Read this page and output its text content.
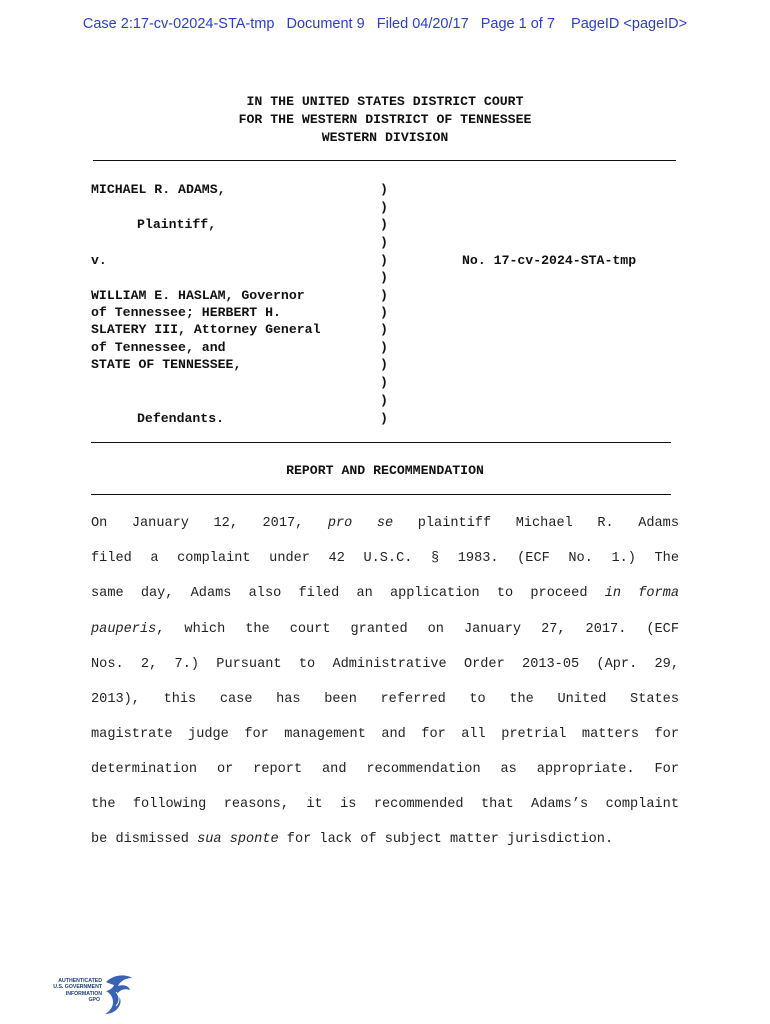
Case 2:17-cv-02024-STA-tmp   Document 9   Filed 04/20/17   Page 1 of 7    PageID <pageID>
IN THE UNITED STATES DISTRICT COURT
FOR THE WESTERN DISTRICT OF TENNESSEE
WESTERN DIVISION
MICHAEL R. ADAMS,
Plaintiff,
v.
WILLIAM E. HASLAM, Governor
of Tennessee; HERBERT H.
SLATERY III, Attorney General
of Tennessee, and
STATE OF TENNESSEE,
Defendants.
)
)
)
)
)
)
)
)
)
)
)
)
)
)
No. 17-cv-2024-STA-tmp
REPORT AND RECOMMENDATION
On January 12, 2017, pro se plaintiff Michael R. Adams
filed a complaint under 42 U.S.C. § 1983. (ECF No. 1.) The
same day, Adams also filed an application to proceed in forma
pauperis, which the court granted on January 27, 2017. (ECF
Nos. 2, 7.) Pursuant to Administrative Order 2013-05 (Apr. 29,
2013), this case has been referred to the United States
magistrate judge for management and for all pretrial matters for
determination or report and recommendation as appropriate. For
the following reasons, it is recommended that Adams’s complaint
be dismissed sua sponte for lack of subject matter jurisdiction.
AUTHENTICATED
U.S. GOVERNMENT
INFORMATION
GPO
